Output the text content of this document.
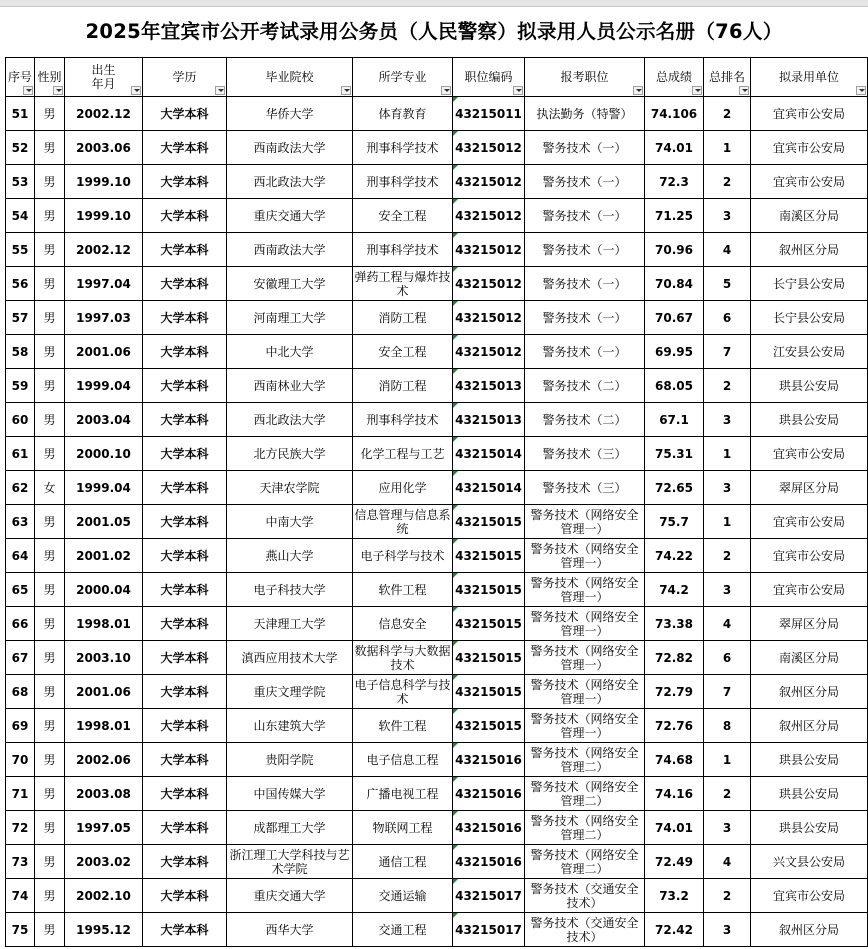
2025年宜宾市公开考试录用公务员（人民警察）拟录用人员公示名册（76人）
序号	性别	出生年月	学历	毕业院校	所学专业	职位编码	报考职位	总成绩	总排名	拟录用单位

51	男	2002.12	大学本科	华侨大学	体育教育	43215011	执法勤务（特警）	74.106	2	宜宾市公安局
52	男	2003.06	大学本科	西南政法大学	刑事科学技术	43215012	警务技术（一）	74.01	1	宜宾市公安局
53	男	1999.10	大学本科	西北政法大学	刑事科学技术	43215012	警务技术（一）	72.3	2	宜宾市公安局
54	男	1999.10	大学本科	重庆交通大学	安全工程	43215012	警务技术（一）	71.25	3	南溪区分局
55	男	2002.12	大学本科	西南政法大学	刑事科学技术	43215012	警务技术（一）	70.96	4	叙州区分局
56	男	1997.04	大学本科	安徽理工大学	弹药工程与爆炸技术	43215012	警务技术（一）	70.84	5	长宁县公安局
57	男	1997.03	大学本科	河南理工大学	消防工程	43215012	警务技术（一）	70.67	6	长宁县公安局
58	男	2001.06	大学本科	中北大学	安全工程	43215012	警务技术（一）	69.95	7	江安县公安局
59	男	1999.04	大学本科	西南林业大学	消防工程	43215013	警务技术（二）	68.05	2	珙县公安局
60	男	2003.04	大学本科	西北政法大学	刑事科学技术	43215013	警务技术（二）	67.1	3	珙县公安局
61	男	2000.10	大学本科	北方民族大学	化学工程与工艺	43215014	警务技术（三）	75.31	1	宜宾市公安局
62	女	1999.04	大学本科	天津农学院	应用化学	43215014	警务技术（三）	72.65	3	翠屏区分局
63	男	2001.05	大学本科	中南大学	信息管理与信息系统	43215015	警务技术（网络安全管理一）	75.7	1	宜宾市公安局
64	男	2001.02	大学本科	燕山大学	电子科学与技术	43215015	警务技术（网络安全管理一）	74.22	2	宜宾市公安局
65	男	2000.04	大学本科	电子科技大学	软件工程	43215015	警务技术（网络安全管理一）	74.2	3	宜宾市公安局
66	男	1998.01	大学本科	天津理工大学	信息安全	43215015	警务技术（网络安全管理一）	73.38	4	翠屏区分局
67	男	2003.10	大学本科	滇西应用技术大学	数据科学与大数据技术	43215015	警务技术（网络安全管理一）	72.82	6	南溪区分局
68	男	2001.06	大学本科	重庆文理学院	电子信息科学与技术	43215015	警务技术（网络安全管理一）	72.79	7	叙州区分局
69	男	1998.01	大学本科	山东建筑大学	软件工程	43215015	警务技术（网络安全管理一）	72.76	8	叙州区分局
70	男	2002.06	大学本科	贵阳学院	电子信息工程	43215016	警务技术（网络安全管理二）	74.68	1	珙县公安局
71	男	2003.08	大学本科	中国传媒大学	广播电视工程	43215016	警务技术（网络安全管理二）	74.16	2	珙县公安局
72	男	1997.05	大学本科	成都理工大学	物联网工程	43215016	警务技术（网络安全管理二）	74.01	3	珙县公安局
73	男	2003.02	大学本科	浙江理工大学科技与艺术学院	通信工程	43215016	警务技术（网络安全管理二）	72.49	4	兴文县公安局
74	男	2002.10	大学本科	重庆交通大学	交通运输	43215017	警务技术（交通安全技术）	73.2	2	宜宾市公安局
75	男	1995.12	大学本科	西华大学	交通工程	43215017	警务技术（交通安全技术）	72.42	3	叙州区分局
